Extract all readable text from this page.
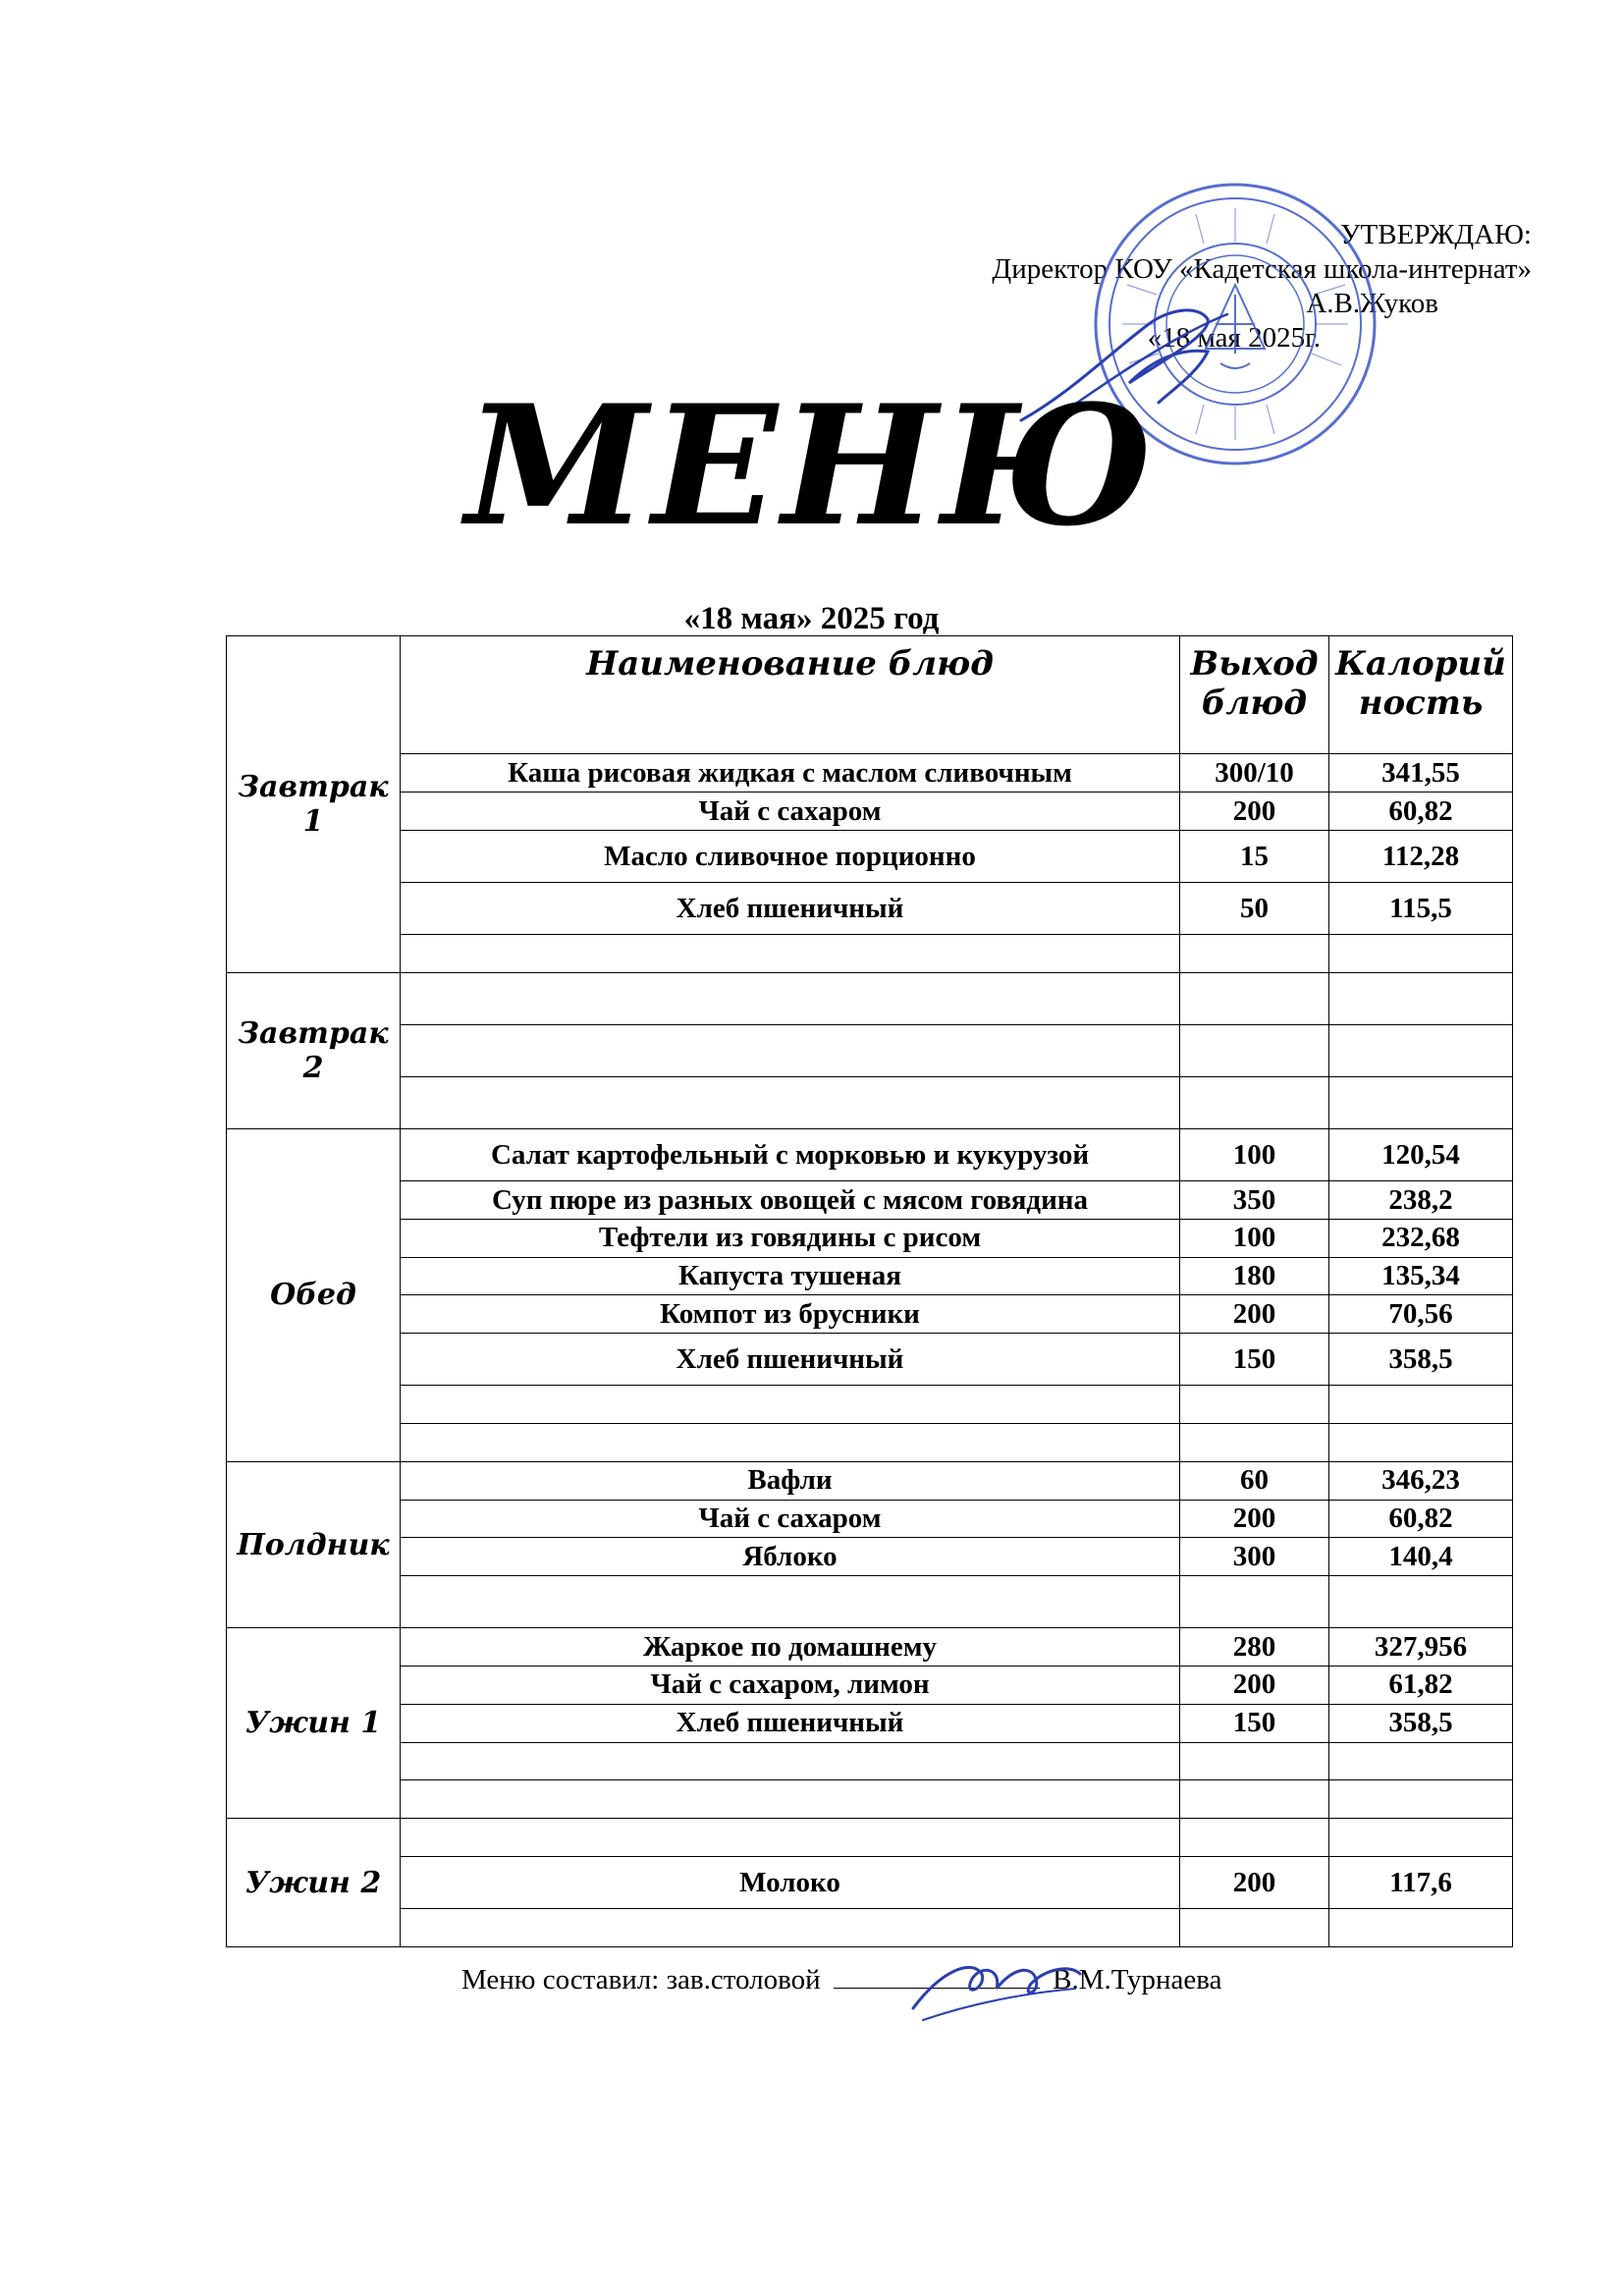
УТВЕРЖДАЮ:
Директор КОУ «Кадетская школа-интернат»
А.В.Жуков
«18 мая 2025г.
МЕНЮ
«18 мая» 2025 год
Завтрак 1	Наименование блюд	Выход блюд	Калорий ность
	Каша рисовая жидкая с маслом сливочным	300/10	341,55
	Чай с сахаром	200	60,82
	Масло сливочное порционно	15	112,28
	Хлеб пшеничный	50	115,5

Завтрак 2			

Обед	Салат картофельный с морковью и кукурузой	100	120,54
	Суп пюре из разных овощей с мясом говядина	350	238,2
	Тефтели из говядины с рисом	100	232,68
	Капуста тушеная	180	135,34
	Компот из брусники	200	70,56
	Хлеб пшеничный	150	358,5

Полдник	Вафли	60	346,23
	Чай с сахаром	200	60,82
	Яблоко	300	140,4

Ужин 1	Жаркое по домашнему	280	327,956
	Чай с сахаром, лимон	200	61,82
	Хлеб пшеничный	150	358,5

Ужин 2			
	Молоко	200	117,6

Меню составил: зав.столовой	В.М.Турнаева
